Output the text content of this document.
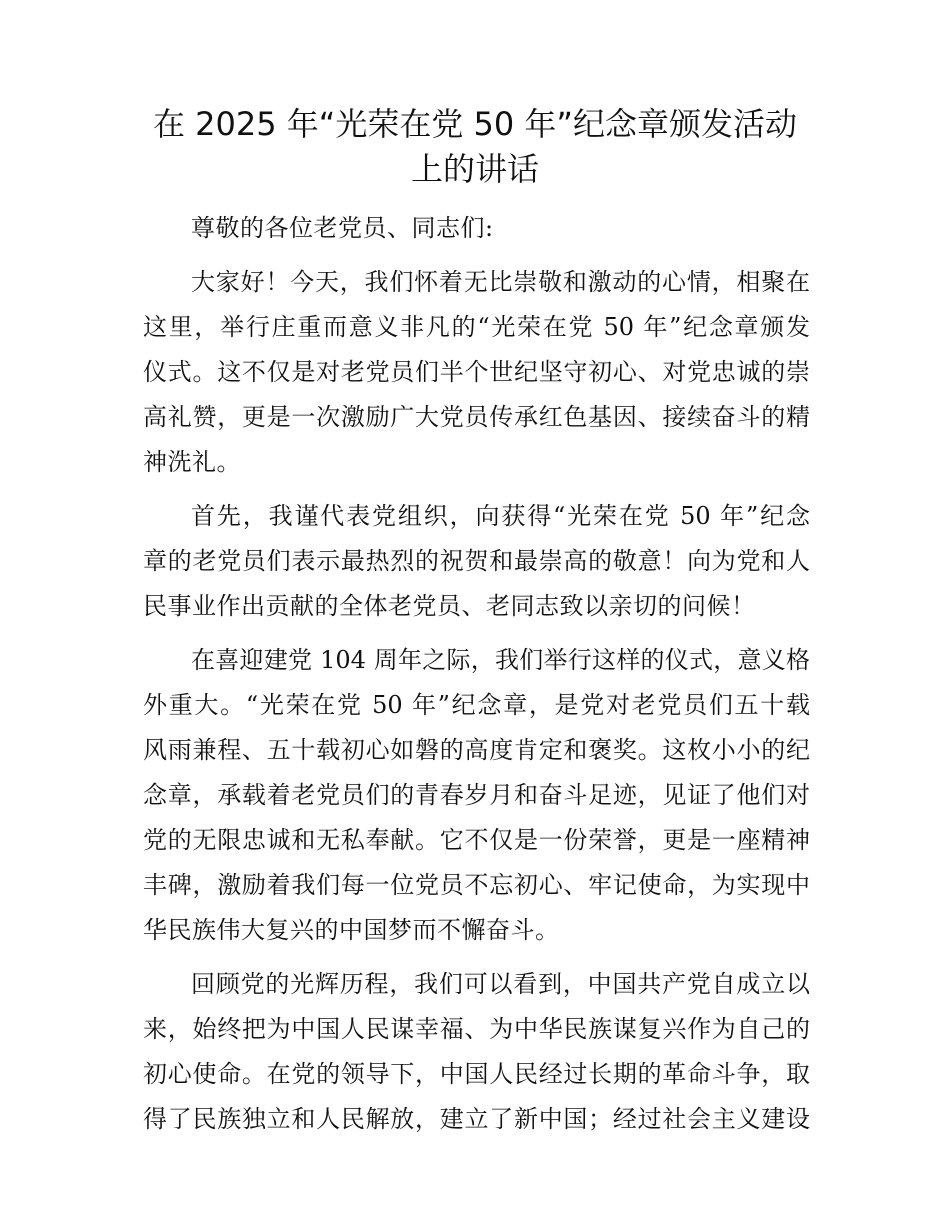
在 2025 年“光荣在党 50 年”纪念章颁发活动
上的讲话
尊敬的各位老党员、同志们:
大家好！今天，我们怀着无比崇敬和激动的心情，相聚在
这里，举行庄重而意义非凡的“光荣在党 50 年”纪念章颁发
仪式。这不仅是对老党员们半个世纪坚守初心、对党忠诚的崇
高礼赞，更是一次激励广大党员传承红色基因、接续奋斗的精
神洗礼。
首先，我谨代表党组织，向获得“光荣在党 50 年”纪念
章的老党员们表示最热烈的祝贺和最崇高的敬意！向为党和人
民事业作出贡献的全体老党员、老同志致以亲切的问候！
在喜迎建党 104 周年之际，我们举行这样的仪式，意义格
外重大。“光荣在党 50 年”纪念章，是党对老党员们五十载
风雨兼程、五十载初心如磐的高度肯定和褒奖。这枚小小的纪
念章，承载着老党员们的青春岁月和奋斗足迹，见证了他们对
党的无限忠诚和无私奉献。它不仅是一份荣誉，更是一座精神
丰碑，激励着我们每一位党员不忘初心、牢记使命，为实现中
华民族伟大复兴的中国梦而不懈奋斗。
回顾党的光辉历程，我们可以看到，中国共产党自成立以
来，始终把为中国人民谋幸福、为中华民族谋复兴作为自己的
初心使命。在党的领导下，中国人民经过长期的革命斗争，取
得了民族独立和人民解放，建立了新中国；经过社会主义建设
